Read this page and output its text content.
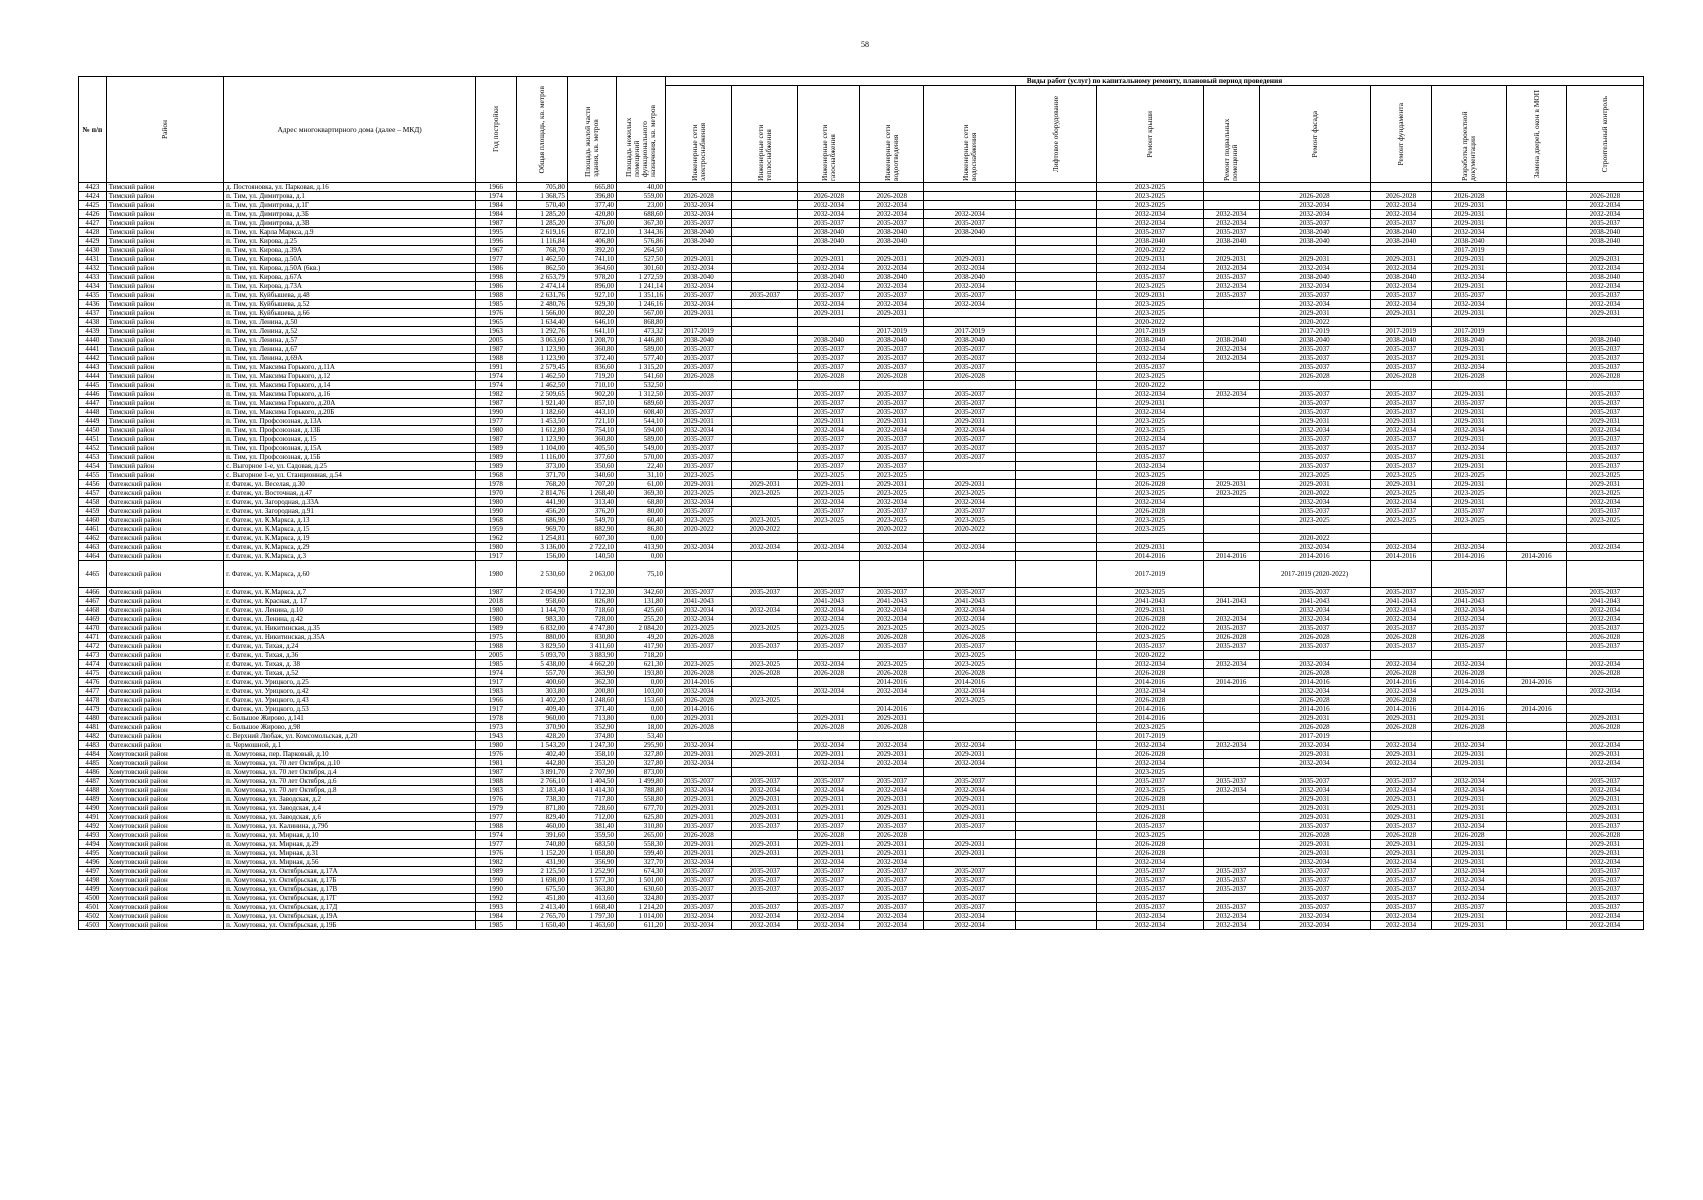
58
№ п/п	Район	Адрес многоквартирного дома (далее – МКД)	Год постройки	Общая площадь, кв. метров	Площадь жилой части здания, кв. метров	Площадь нежилых помещений функционального назначения, кв. метров	Виды работ (услуг) по капитальному ремонту, плановый период проведения												

							Инженерные сети электроснабжения	Инженерные сети теплоснабжения	Инженерные сети газоснабжения	Инженерные сети водоотведения	Инженерные сети водоснабжения	Лифтовое оборудование	Ремонт крыши	Ремонт подвальных помещений	Ремонт фасада	Ремонт фундамента	Разработка проектной документации	Замена дверей, окон в МОП	Строительный контроль

4423	Тимский район	д. Постояновка, ул. Парковая, д.16	1966	705,80	665,80	40,00							2023-2025						
4424	Тимский район	п. Тим, ул. Димитрова, д.1	1974	1 368,75	396,80	559,00	2026-2028		2026-2028	2026-2028			2023-2025		2026-2028	2026-2028	2026-2028		2026-2028
4425	Тимский район	п. Тим, ул. Димитрова, д.1Г	1984	570,40	377,40	23,00	2032-2034		2032-2034	2032-2034			2023-2025		2032-2034	2032-2034	2029-2031		2032-2034
4426	Тимский район	п. Тим, ул. Димитрова, д.3Б	1984	1 285,20	420,80	688,60	2032-2034		2032-2034	2032-2034	2032-2034		2032-2034	2032-2034	2032-2034	2032-2034	2029-2031		2032-2034
4427	Тимский район	п. Тим, ул. Димитрова, д.3В	1987	1 285,20	376,00	367,30	2035-2037		2035-2037	2035-2037	2035-2037		2032-2034	2032-2034	2035-2037	2035-2037	2029-2031		2035-2037
4428	Тимский район	п. Тим, ул. Карла Маркса, д.9	1995	2 619,16	872,10	1 344,36	2038-2040		2038-2040	2038-2040	2038-2040		2035-2037	2035-2037	2038-2040	2038-2040	2032-2034		2038-2040
4429	Тимский район	п. Тим, ул. Кирова, д.25	1996	1 116,84	406,80	576,86	2038-2040		2038-2040	2038-2040			2038-2040	2038-2040	2038-2040	2038-2040	2038-2040		2038-2040
4430	Тимский район	п. Тим, ул. Кирова, д.39А	1967	768,70	392,20	264,50							2020-2022				2017-2019		
4431	Тимский район	п. Тим, ул. Кирова, д.50А	1977	1 462,50	741,10	527,50	2029-2031		2029-2031	2029-2031	2029-2031		2029-2031	2029-2031	2029-2031	2029-2031	2029-2031		2029-2031
4432	Тимский район	п. Тим, ул. Кирова, д.50А (6кв.)	1986	862,50	364,60	301,60	2032-2034		2032-2034	2032-2034	2032-2034		2032-2034	2032-2034	2032-2034	2032-2034	2029-2031		2032-2034
4433	Тимский район	п. Тим, ул. Кирова, д.67А	1998	2 653,79	978,20	1 272,59	2038-2040		2038-2040	2038-2040	2038-2040		2035-2037	2035-2037	2038-2040	2038-2040	2032-2034		2038-2040
4434	Тимский район	п. Тим, ул. Кирова, д.73А	1986	2 474,14	896,00	1 241,14	2032-2034		2032-2034	2032-2034	2032-2034		2023-2025	2032-2034	2032-2034	2032-2034	2029-2031		2032-2034
4435	Тимский район	п. Тим, ул. Куйбышева, д.48	1988	2 631,76	927,10	1 351,16	2035-2037	2035-2037	2035-2037	2035-2037	2035-2037		2029-2031	2035-2037	2035-2037	2035-2037	2035-2037		2035-2037
4436	Тимский район	п. Тим, ул. Куйбышева, д.52	1985	2 480,76	929,30	1 246,16	2032-2034		2032-2034	2032-2034	2032-2034		2023-2025		2032-2034	2032-2034	2032-2034		2032-2034
4437	Тимский район	п. Тим, ул. Куйбышева, д.66	1976	1 566,00	802,20	567,00	2029-2031		2029-2031	2029-2031			2023-2025		2029-2031	2029-2031	2029-2031		2029-2031
4438	Тимский район	п. Тим, ул. Ленина, д.50	1965	1 634,40	646,10	868,80							2020-2022		2020-2022				
4439	Тимский район	п. Тим, ул. Ленина, д.52	1963	1 292,76	641,10	473,32	2017-2019			2017-2019	2017-2019		2017-2019		2017-2019	2017-2019	2017-2019		
4440	Тимский район	п. Тим, ул. Ленина, д.57	2005	3 063,60	1 208,70	1 446,80	2038-2040		2038-2040	2038-2040	2038-2040		2038-2040	2038-2040	2038-2040	2038-2040	2038-2040		2038-2040
4441	Тимский район	п. Тим, ул. Ленина, д.67	1987	1 123,90	360,80	589,00	2035-2037		2035-2037	2035-2037	2035-2037		2032-2034	2032-2034	2035-2037	2035-2037	2029-2031		2035-2037
4442	Тимский район	п. Тим, ул. Ленина, д.69А	1988	1 123,90	372,40	577,40	2035-2037		2035-2037	2035-2037	2035-2037		2032-2034	2032-2034	2035-2037	2035-2037	2029-2031		2035-2037
4443	Тимский район	п. Тим, ул. Максима Горького, д.11А	1991	2 579,45	836,60	1 315,20	2035-2037		2035-2037	2035-2037	2035-2037		2035-2037		2035-2037	2035-2037	2032-2034		2035-2037
4444	Тимский район	п. Тим, ул. Максима Горького, д.12	1974	1 462,50	719,20	541,60	2026-2028		2026-2028	2026-2028	2026-2028		2023-2025		2026-2028	2026-2028	2026-2028		2026-2028
4445	Тимский район	п. Тим, ул. Максима Горького, д.14	1974	1 462,50	710,10	532,50							2020-2022						
4446	Тимский район	п. Тим, ул. Максима Горького, д.16	1982	2 509,65	902,20	1 312,50	2035-2037		2035-2037	2035-2037	2035-2037		2032-2034	2032-2034	2035-2037	2035-2037	2029-2031		2035-2037
4447	Тимский район	п. Тим, ул. Максима Горького, д.20А	1987	1 921,40	857,10	689,60	2035-2037		2035-2037	2035-2037	2035-2037		2029-2031		2035-2037	2035-2037	2035-2037		2035-2037
4448	Тимский район	п. Тим, ул. Максима Горького, д.20Б	1990	1 182,60	443,10	608,40	2035-2037		2035-2037	2035-2037	2035-2037		2032-2034		2035-2037	2035-2037	2029-2031		2035-2037
4449	Тимский район	п. Тим, ул. Профсоюзная, д.13А	1977	1 453,50	721,10	544,10	2029-2031		2029-2031	2029-2031	2029-2031		2023-2025		2029-2031	2029-2031	2029-2031		2029-2031
4450	Тимский район	п. Тим, ул. Профсоюзная, д.13Б	1980	1 612,80	754,10	594,00	2032-2034		2032-2034	2032-2034	2032-2034		2023-2025		2032-2034	2032-2034	2032-2034		2032-2034
4451	Тимский район	п. Тим, ул. Профсоюзная, д.15	1987	1 123,90	360,80	589,00	2035-2037		2035-2037	2035-2037	2035-2037		2032-2034		2035-2037	2035-2037	2029-2031		2035-2037
4452	Тимский район	п. Тим, ул. Профсоюзная, д.15А	1989	1 104,00	405,50	549,00	2035-2037		2035-2037	2035-2037	2035-2037		2035-2037		2035-2037	2035-2037	2032-2034		2035-2037
4453	Тимский район	п. Тим, ул. Профсоюзная, д.15Б	1989	1 116,00	377,60	570,00	2035-2037		2035-2037	2035-2037	2035-2037		2035-2037		2035-2037	2035-2037	2029-2031		2035-2037
4454	Тимский район	с. Выгорное 1-е, ул. Садовая, д.25	1989	373,00	350,60	22,40	2035-2037		2035-2037	2035-2037			2032-2034		2035-2037	2035-2037	2029-2031		2035-2037
4455	Тимский район	с. Выгорное 1-е, ул. Станционная, д.54	1968	371,70	340,60	31,10	2023-2025		2023-2025	2023-2025			2023-2025		2023-2025	2023-2025	2023-2025		2023-2025
4456	Фатежский район	г. Фатеж, ул. Веселая, д.30	1978	768,20	707,20	61,00	2029-2031	2029-2031	2029-2031	2029-2031	2029-2031		2026-2028	2029-2031	2029-2031	2029-2031	2029-2031		2029-2031
4457	Фатежский район	г. Фатеж, ул. Восточная, д.47	1970	2 814,76	1 268,40	369,30	2023-2025	2023-2025	2023-2025	2023-2025	2023-2025		2023-2025	2023-2025	2020-2022	2023-2025	2023-2025		2023-2025
4458	Фатежский район	г. Фатеж, ул. Загородная, д.33А	1980	441,90	313,40	68,80	2032-2034		2032-2034	2032-2034	2032-2034		2032-2034		2032-2034	2032-2034	2029-2031		2032-2034
4459	Фатежский район	г. Фатеж, ул. Загородная, д.91	1990	456,20	376,20	80,00	2035-2037		2035-2037	2035-2037	2035-2037		2026-2028		2035-2037	2035-2037	2035-2037		2035-2037
4460	Фатежский район	г. Фатеж, ул. К.Маркса, д.13	1968	686,90	549,70	60,40	2023-2025	2023-2025	2023-2025	2023-2025	2023-2025		2023-2025		2023-2025	2023-2025	2023-2025		2023-2025
4461	Фатежский район	г. Фатеж, ул. К.Маркса, д.15	1959	969,70	882,90	86,80	2020-2022	2020-2022		2020-2022	2020-2022		2023-2025						
4462	Фатежский район	г. Фатеж, ул. К.Маркса, д.19	1962	1 254,81	607,30	0,00									2020-2022				
4463	Фатежский район	г. Фатеж, ул. К.Маркса, д.29	1980	3 136,00	2 722,10	413,90	2032-2034	2032-2034	2032-2034	2032-2034	2032-2034		2029-2031		2032-2034	2032-2034	2032-2034		2032-2034
4464	Фатежский район	г. Фатеж, ул. К.Маркса, д.3	1917	156,00	140,50	0,00							2014-2016	2014-2016	2014-2016	2014-2016	2014-2016	2014-2016	
4465	Фатежский район	г. Фатеж, ул. К.Маркса, д.60	1980	2 530,60	2 063,00	75,10							2017-2019		2017-2019 (2020-2022)				
4466	Фатежский район	г. Фатеж, ул. К.Маркса, д.7	1987	2 054,90	1 712,30	342,60	2035-2037	2035-2037	2035-2037	2035-2037	2035-2037		2023-2025		2035-2037	2035-2037	2035-2037		2035-2037
4467	Фатежский район	г. Фатеж, ул. Красная, д. 17	2018	958,60	826,80	131,80	2041-2043		2041-2043	2041-2043	2041-2043		2041-2043	2041-2043	2041-2043	2041-2043	2041-2043		2041-2043
4468	Фатежский район	г. Фатеж, ул. Ленина, д.10	1980	1 144,70	718,60	425,60	2032-2034	2032-2034	2032-2034	2032-2034	2032-2034		2029-2031		2032-2034	2032-2034	2032-2034		2032-2034
4469	Фатежский район	г. Фатеж, ул. Ленина, д.42	1980	983,30	728,00	255,20	2032-2034		2032-2034	2032-2034	2032-2034		2026-2028	2032-2034	2032-2034	2032-2034	2032-2034		2032-2034
4470	Фатежский район	г. Фатеж, ул. Никитинская, д.35	1989	6 832,00	4 747,80	2 084,20	2023-2025	2023-2025	2023-2025	2023-2025	2023-2025		2020-2022	2035-2037	2035-2037	2035-2037	2035-2037		2035-2037
4471	Фатежский район	г. Фатеж, ул. Никитинская, д.35А	1975	880,00	830,80	49,20	2026-2028		2026-2028	2026-2028	2026-2028		2023-2025	2026-2028	2026-2028	2026-2028	2026-2028		2026-2028
4472	Фатежский район	г. Фатеж, ул. Тихая, д.24	1988	3 829,50	3 411,60	417,90	2035-2037	2035-2037	2035-2037	2035-2037	2035-2037		2035-2037	2035-2037	2035-2037	2035-2037	2035-2037		2035-2037
4473	Фатежский район	г. Фатеж, ул. Тихая, д.36	2005	5 093,70	3 883,90	718,20					2023-2025		2020-2022						
4474	Фатежский район	г. Фатеж, ул. Тихая, д. 38	1985	5 438,00	4 662,20	621,30	2023-2025	2023-2025	2032-2034	2023-2025	2023-2025		2032-2034	2032-2034	2032-2034	2032-2034	2032-2034		2032-2034
4475	Фатежский район	г. Фатеж, ул. Тихая, д.52	1974	557,70	363,90	193,80	2026-2028	2026-2028	2026-2028	2026-2028	2026-2028		2026-2028		2026-2028	2026-2028	2026-2028		2026-2028
4476	Фатежский район	г. Фатеж, ул. Урицкого, д.25	1917	400,60	362,30	0,00	2014-2016			2014-2016	2014-2016		2014-2016	2014-2016	2014-2016	2014-2016	2014-2016	2014-2016	
4477	Фатежский район	г. Фатеж, ул. Урицкого, д.42	1983	303,80	200,80	103,00	2032-2034		2032-2034	2032-2034	2032-2034		2032-2034		2032-2034	2032-2034	2029-2031		2032-2034
4478	Фатежский район	г. Фатеж, ул. Урицкого, д.43	1966	1 402,20	1 248,60	153,60	2026-2028	2023-2025			2023-2025		2026-2028		2026-2028	2026-2028			
4479	Фатежский район	г. Фатеж, ул. Урицкого, д.53	1917	409,40	371,40	0,00	2014-2016			2014-2016			2014-2016		2014-2016	2014-2016	2014-2016	2014-2016	
4480	Фатежский район	с. Большое Жирово, д.141	1978	960,00	713,80	0,00	2029-2031		2029-2031	2029-2031			2014-2016		2029-2031	2029-2031	2029-2031		2029-2031
4481	Фатежский район	с. Большое Жирово, д.98	1973	370,90	352,90	18,00	2026-2028		2026-2028	2026-2028			2023-2025		2026-2028	2026-2028	2026-2028		2026-2028
4482	Фатежский район	с. Верхний Любаж, ул. Комсомольская, д.20	1943	428,20	374,80	53,40							2017-2019		2017-2019				
4483	Фатежский район	п. Чермошной, д.1	1980	1 543,20	1 247,30	295,90	2032-2034		2032-2034	2032-2034	2032-2034		2032-2034	2032-2034	2032-2034	2032-2034	2032-2034		2032-2034
4484	Хомутовский район	п. Хомутовка, пер. Парковый, д.10	1976	402,40	358,10	327,80	2029-2031	2029-2031	2029-2031	2029-2031	2029-2031		2026-2028		2029-2031	2029-2031	2029-2031		2029-2031
4485	Хомутовский район	п. Хомутовка, ул. 70 лет Октября, д.10	1981	442,80	353,20	327,80	2032-2034		2032-2034	2032-2034	2032-2034		2032-2034		2032-2034	2032-2034	2029-2031		2032-2034
4486	Хомутовский район	п. Хомутовка, ул. 70 лет Октября, д.4	1987	3 891,70	2 707,90	873,00							2023-2025						
4487	Хомутовский район	п. Хомутовка, ул. 70 лет Октября, д.6	1988	2 766,10	1 404,50	1 499,80	2035-2037	2035-2037	2035-2037	2035-2037	2035-2037		2035-2037	2035-2037	2035-2037	2035-2037	2032-2034		2035-2037
4488	Хомутовский район	п. Хомутовка, ул. 70 лет Октября, д.8	1983	2 183,40	1 414,30	788,80	2032-2034	2032-2034	2032-2034	2032-2034	2032-2034		2023-2025	2032-2034	2032-2034	2032-2034	2032-2034		2032-2034
4489	Хомутовский район	п. Хомутовка, ул. Заводская, д.2	1976	738,30	717,80	558,80	2029-2031	2029-2031	2029-2031	2029-2031	2029-2031		2026-2028		2029-2031	2029-2031	2029-2031		2029-2031
4490	Хомутовский район	п. Хомутовка, ул. Заводская, д.4	1979	871,80	728,60	677,70	2029-2031	2029-2031	2029-2031	2029-2031	2029-2031		2029-2031		2029-2031	2029-2031	2029-2031		2029-2031
4491	Хомутовский район	п. Хомутовка, ул. Заводская, д.6	1977	829,40	712,00	625,80	2029-2031	2029-2031	2029-2031	2029-2031	2029-2031		2026-2028		2029-2031	2029-2031	2029-2031		2029-2031
4492	Хомутовский район	п. Хомутовка, ул. Калинина, д.79б	1988	460,00	381,40	310,80	2035-2037	2035-2037	2035-2037	2035-2037	2035-2037		2035-2037		2035-2037	2035-2037	2032-2034		2035-2037
4493	Хомутовский район	п. Хомутовка, ул. Мирная, д.10	1974	391,60	359,50	265,00	2026-2028		2026-2028	2026-2028			2023-2025		2026-2028	2026-2028	2026-2028		2026-2028
4494	Хомутовский район	п. Хомутовка, ул. Мирная, д.29	1977	740,80	683,50	558,30	2029-2031	2029-2031	2029-2031	2029-2031	2029-2031		2026-2028		2029-2031	2029-2031	2029-2031		2029-2031
4495	Хомутовский район	п. Хомутовка, ул. Мирная, д.31	1976	1 152,20	1 058,80	599,40	2029-2031	2029-2031	2029-2031	2029-2031	2029-2031		2026-2028		2029-2031	2029-2031	2029-2031		2029-2031
4496	Хомутовский район	п. Хомутовка, ул. Мирная, д.56	1982	431,90	356,90	327,70	2032-2034		2032-2034	2032-2034			2032-2034		2032-2034	2032-2034	2029-2031		2032-2034
4497	Хомутовский район	п. Хомутовка, ул. Октябрьская, д.17А	1989	2 125,50	1 252,90	674,30	2035-2037	2035-2037	2035-2037	2035-2037	2035-2037		2035-2037	2035-2037	2035-2037	2035-2037	2032-2034		2035-2037
4498	Хомутовский район	п. Хомутовка, ул. Октябрьская, д.17Б	1990	1 698,00	1 577,30	1 501,00	2035-2037	2035-2037	2035-2037	2035-2037	2035-2037		2035-2037	2035-2037	2035-2037	2035-2037	2032-2034		2035-2037
4499	Хомутовский район	п. Хомутовка, ул. Октябрьская, д.17В	1990	675,50	363,80	630,60	2035-2037	2035-2037	2035-2037	2035-2037	2035-2037		2035-2037	2035-2037	2035-2037	2035-2037	2032-2034		2035-2037
4500	Хомутовский район	п. Хомутовка, ул. Октябрьская, д.17Г	1992	451,80	413,60	324,80	2035-2037		2035-2037	2035-2037	2035-2037		2035-2037		2035-2037	2035-2037	2032-2034		2035-2037
4501	Хомутовский район	п. Хомутовка, ул. Октябрьская, д.17Д	1993	2 413,40	1 668,40	1 214,20	2035-2037	2035-2037	2035-2037	2035-2037	2035-2037		2035-2037	2035-2037	2035-2037	2035-2037	2035-2037		2035-2037
4502	Хомутовский район	п. Хомутовка, ул. Октябрьская, д.19А	1984	2 765,70	1 797,30	1 014,00	2032-2034	2032-2034	2032-2034	2032-2034	2032-2034		2032-2034	2032-2034	2032-2034	2032-2034	2029-2031		2032-2034
4503	Хомутовский район	п. Хомутовка, ул. Октябрьская, д.19Б	1985	1 650,40	1 463,60	611,20	2032-2034	2032-2034	2032-2034	2032-2034	2032-2034		2032-2034	2032-2034	2032-2034	2032-2034	2029-2031		2032-2034
